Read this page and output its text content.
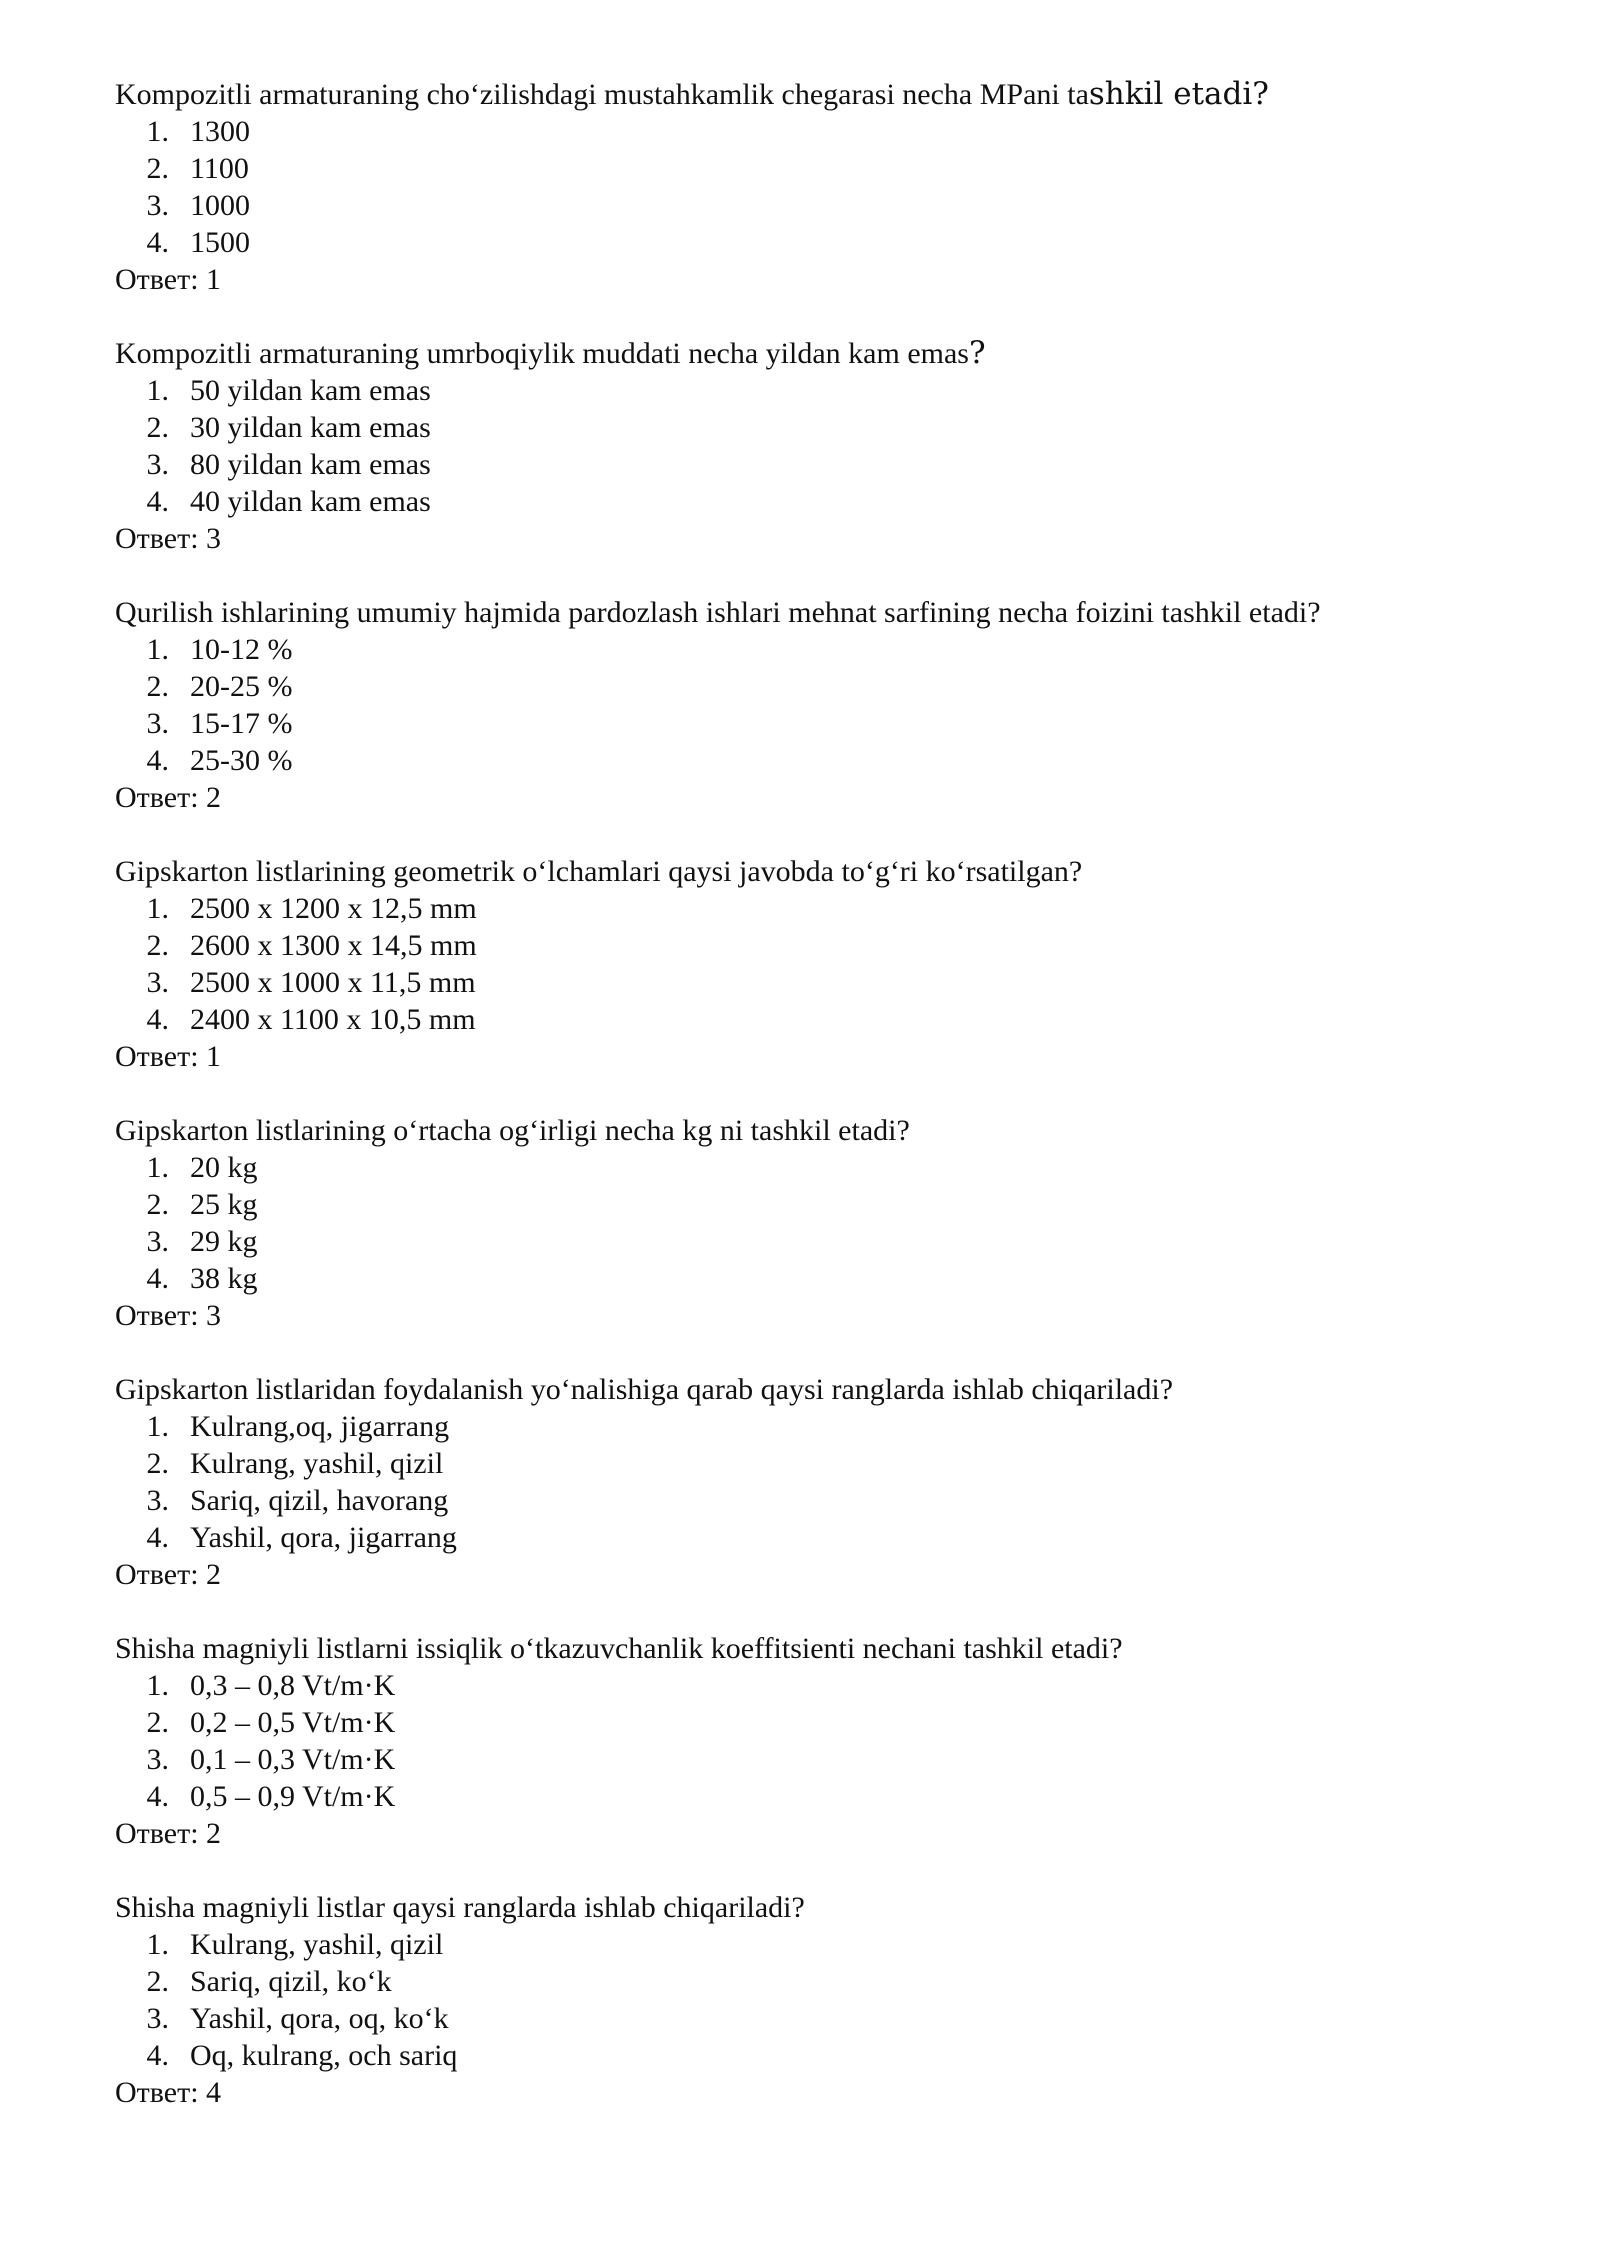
Kompozitli armaturaning cho‘zilishdagi mustahkamlik chegarasi necha MPani tashkil etadi?

1. 1300
2. 1100
3. 1000
4. 1500

Ответ: 1

Kompozitli armaturaning umrboqiylik muddati necha yildan kam emas?

1. 50 yildan kam emas
2. 30 yildan kam emas
3. 80 yildan kam emas
4. 40 yildan kam emas

Ответ: 3

Qurilish ishlarining umumiy hajmida pardozlash ishlari mehnat sarfining necha foizini tashkil etadi?

1. 10-12 %
2. 20-25 %
3. 15-17 %
4. 25-30 %

Ответ: 2

Gipskarton listlarining geometrik o‘lchamlari qaysi javobda to‘g‘ri ko‘rsatilgan?

1. 2500 x 1200 x 12,5 mm
2. 2600 x 1300 x 14,5 mm
3. 2500 x 1000 x 11,5 mm
4. 2400 x 1100 x 10,5 mm

Ответ: 1

Gipskarton listlarining o‘rtacha og‘irligi necha kg ni tashkil etadi?

1. 20 kg
2. 25 kg
3. 29 kg
4. 38 kg

Ответ: 3

Gipskarton listlaridan foydalanish yo‘nalishiga qarab qaysi ranglarda ishlab chiqariladi?

1. Kulrang,oq, jigarrang
2. Kulrang, yashil, qizil
3. Sariq, qizil, havorang
4. Yashil, qora, jigarrang

Ответ: 2

Shisha magniyli listlarni issiqlik o‘tkazuvchanlik koeffitsienti nechani tashkil etadi?

1. 0,3 – 0,8 Vt/m·K
2. 0,2 – 0,5 Vt/m·K
3. 0,1 – 0,3 Vt/m·K
4. 0,5 – 0,9 Vt/m·K

Ответ: 2

Shisha magniyli listlar qaysi ranglarda ishlab chiqariladi?

1. Kulrang, yashil, qizil
2. Sariq, qizil, ko‘k
3. Yashil, qora, oq, ko‘k
4. Oq, kulrang, och sariq

Ответ: 4
